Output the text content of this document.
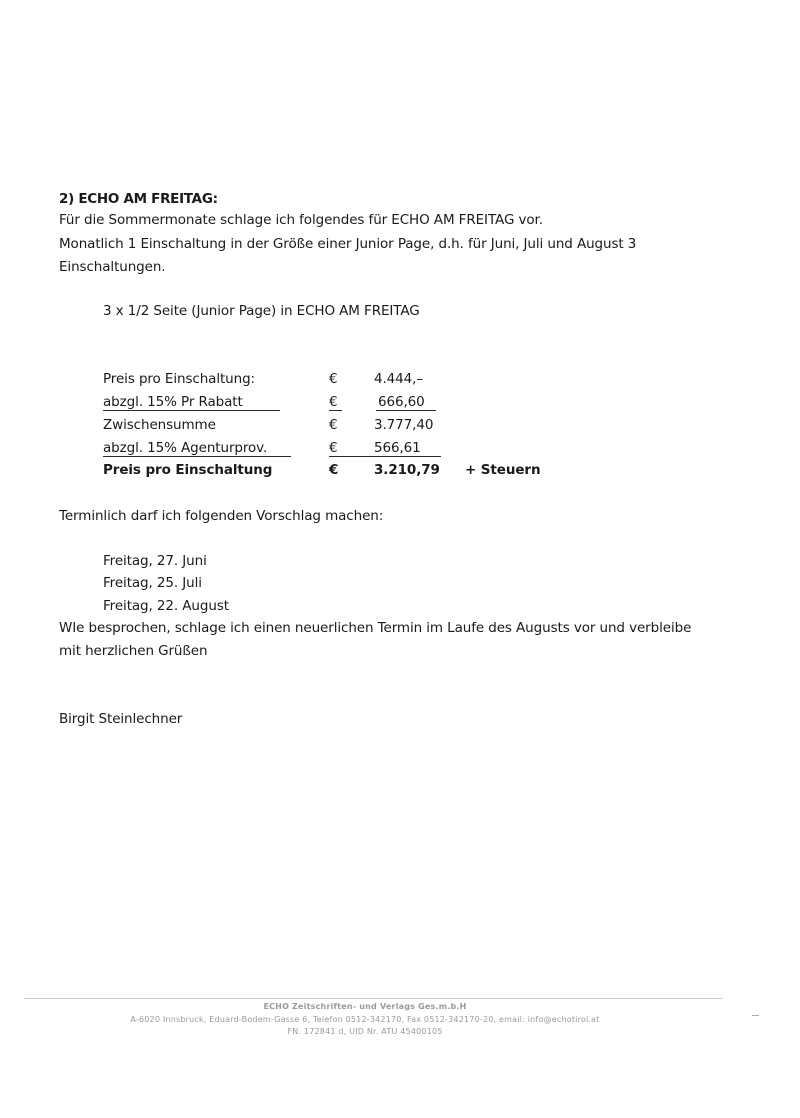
2) ECHO AM FREITAG:
Für die Sommermonate schlage ich folgendes für ECHO AM FREITAG vor.
Monatlich 1 Einschaltung in der Größe einer Junior Page, d.h. für Juni, Juli und August 3
Einschaltungen.
3 x 1/2 Seite (Junior Page) in ECHO AM FREITAG
Preis pro Einschaltung:	€	4.444,–
abzgl. 15% Pr Rabatt	€	666,60
Zwischensumme	€	3.777,40
abzgl. 15% Agenturprov.	€	566,61
Preis pro Einschaltung	€	3.210,79 + Steuern
Terminlich darf ich folgenden Vorschlag machen:
Freitag, 27. Juni
Freitag, 25. Juli
Freitag, 22. August
WIe besprochen, schlage ich einen neuerlichen Termin im Laufe des Augusts vor und verbleibe
mit herzlichen Grüßen
Birgit Steinlechner
ECHO Zeitschriften- und Verlags Ges.m.b.H
A-6020 Innsbruck, Eduard-Bodem-Gasse 6, Telefon 0512-342170, Fax 0512-342170-20, email: info@echotirol.at
FN. 172841 d, UID Nr. ATU 45400105
